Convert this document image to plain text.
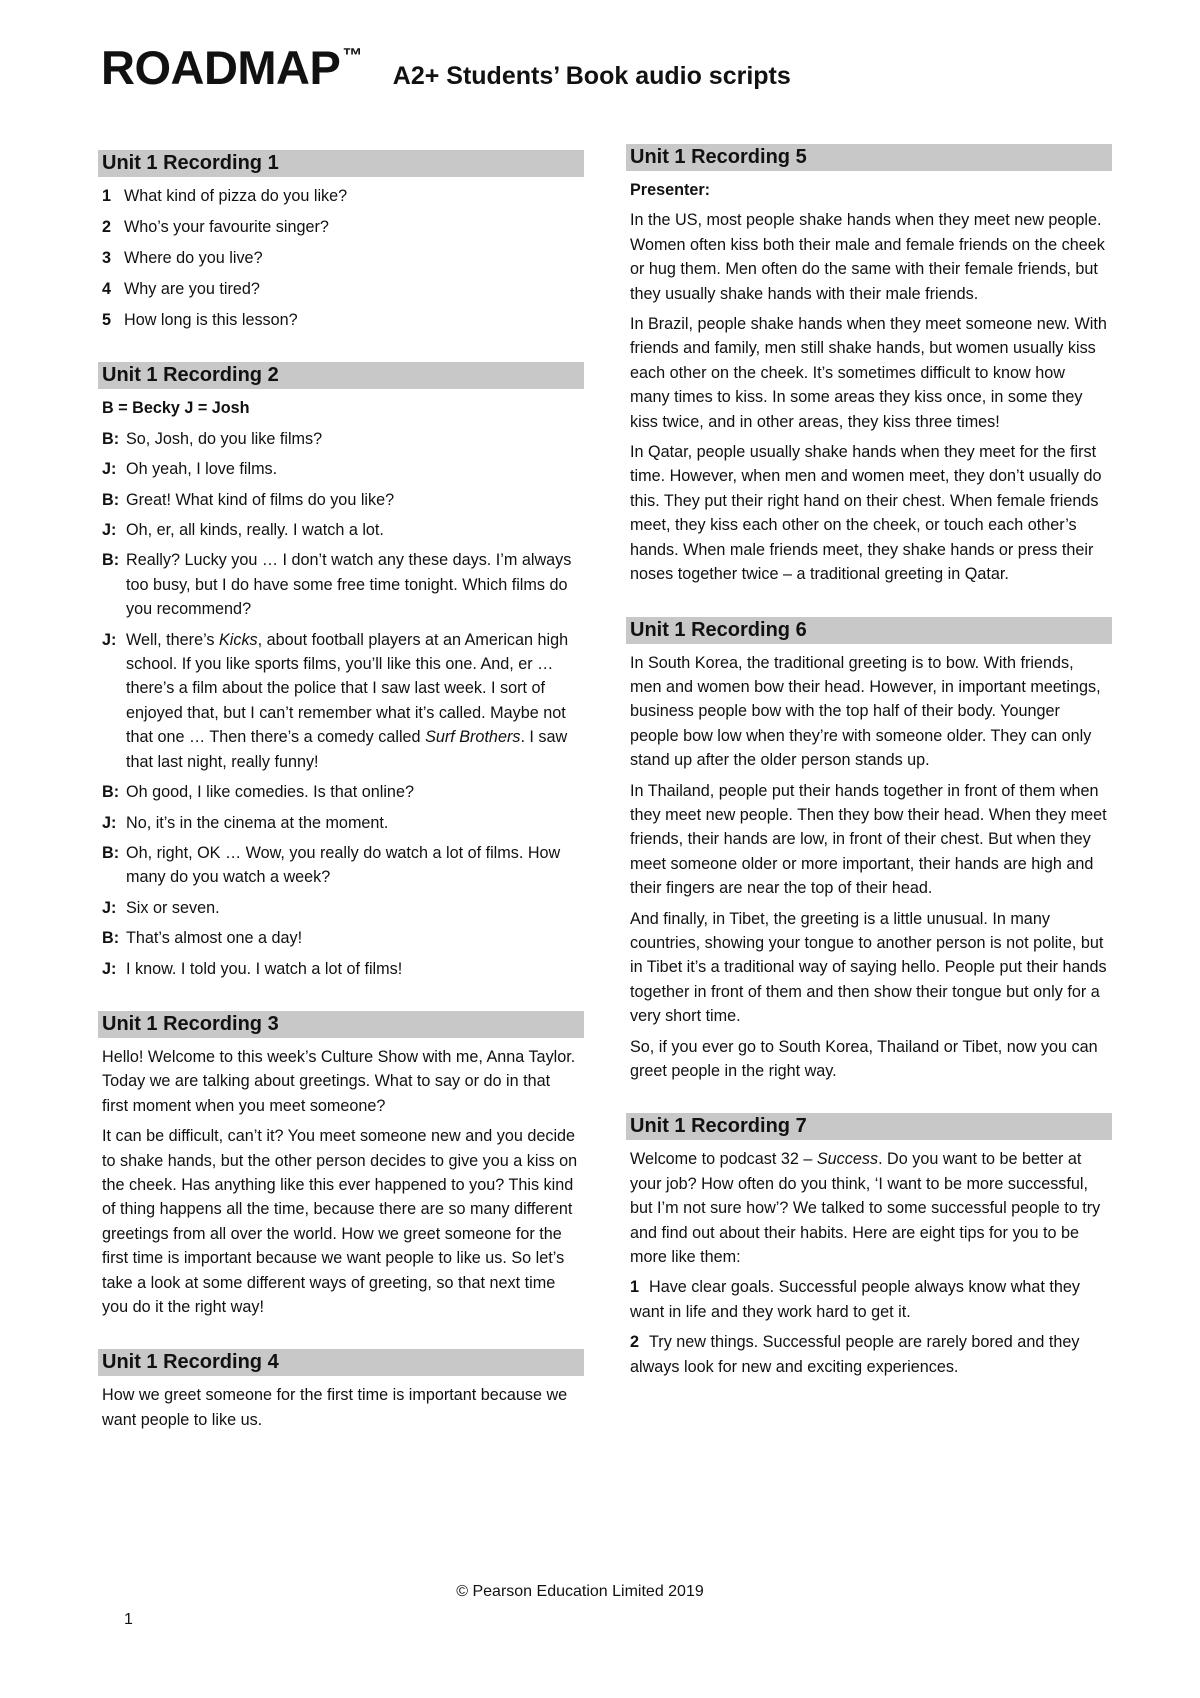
ROADMAP ™ A2+ Students’ Book audio scripts
Unit 1 Recording 1
1 What kind of pizza do you like?
2 Who’s your favourite singer?
3 Where do you live?
4 Why are you tired?
5 How long is this lesson?
Unit 1 Recording 2
B = Becky J = Josh
B: So, Josh, do you like films?
J: Oh yeah, I love films.
B: Great! What kind of films do you like?
J: Oh, er, all kinds, really. I watch a lot.
B: Really? Lucky you … I don’t watch any these days. I’m always too busy, but I do have some free time tonight. Which films do you recommend?
J: Well, there’s Kicks, about football players at an American high school. If you like sports films, you’ll like this one. And, er … there’s a film about the police that I saw last week. I sort of enjoyed that, but I can’t remember what it’s called. Maybe not that one … Then there’s a comedy called Surf Brothers. I saw that last night, really funny!
B: Oh good, I like comedies. Is that online?
J: No, it’s in the cinema at the moment.
B: Oh, right, OK … Wow, you really do watch a lot of films. How many do you watch a week?
J: Six or seven.
B: That’s almost one a day!
J: I know. I told you. I watch a lot of films!
Unit 1 Recording 3
Hello! Welcome to this week’s Culture Show with me, Anna Taylor. Today we are talking about greetings. What to say or do in that first moment when you meet someone?
It can be difficult, can’t it? You meet someone new and you decide to shake hands, but the other person decides to give you a kiss on the cheek. Has anything like this ever happened to you? This kind of thing happens all the time, because there are so many different greetings from all over the world. How we greet someone for the first time is important because we want people to like us. So let’s take a look at some different ways of greeting, so that next time you do it the right way!
Unit 1 Recording 4
How we greet someone for the first time is important because we want people to like us.
Unit 1 Recording 5
Presenter:
In the US, most people shake hands when they meet new people. Women often kiss both their male and female friends on the cheek or hug them. Men often do the same with their female friends, but they usually shake hands with their male friends.
In Brazil, people shake hands when they meet someone new. With friends and family, men still shake hands, but women usually kiss each other on the cheek. It’s sometimes difficult to know how many times to kiss. In some areas they kiss once, in some they kiss twice, and in other areas, they kiss three times!
In Qatar, people usually shake hands when they meet for the first time. However, when men and women meet, they don’t usually do this. They put their right hand on their chest. When female friends meet, they kiss each other on the cheek, or touch each other’s hands. When male friends meet, they shake hands or press their noses together twice – a traditional greeting in Qatar.
Unit 1 Recording 6
In South Korea, the traditional greeting is to bow. With friends, men and women bow their head. However, in important meetings, business people bow with the top half of their body. Younger people bow low when they’re with someone older. They can only stand up after the older person stands up.
In Thailand, people put their hands together in front of them when they meet new people. Then they bow their head. When they meet friends, their hands are low, in front of their chest. But when they meet someone older or more important, their hands are high and their fingers are near the top of their head.
And finally, in Tibet, the greeting is a little unusual. In many countries, showing your tongue to another person is not polite, but in Tibet it’s a traditional way of saying hello. People put their hands together in front of them and then show their tongue but only for a very short time.
So, if you ever go to South Korea, Thailand or Tibet, now you can greet people in the right way.
Unit 1 Recording 7
Welcome to podcast 32 – Success. Do you want to be better at your job? How often do you think, ‘I want to be more successful, but I’m not sure how’? We talked to some successful people to try and find out about their habits. Here are eight tips for you to be more like them:
1 Have clear goals. Successful people always know what they want in life and they work hard to get it.
2 Try new things. Successful people are rarely bored and they always look for new and exciting experiences.
© Pearson Education Limited 2019
1
